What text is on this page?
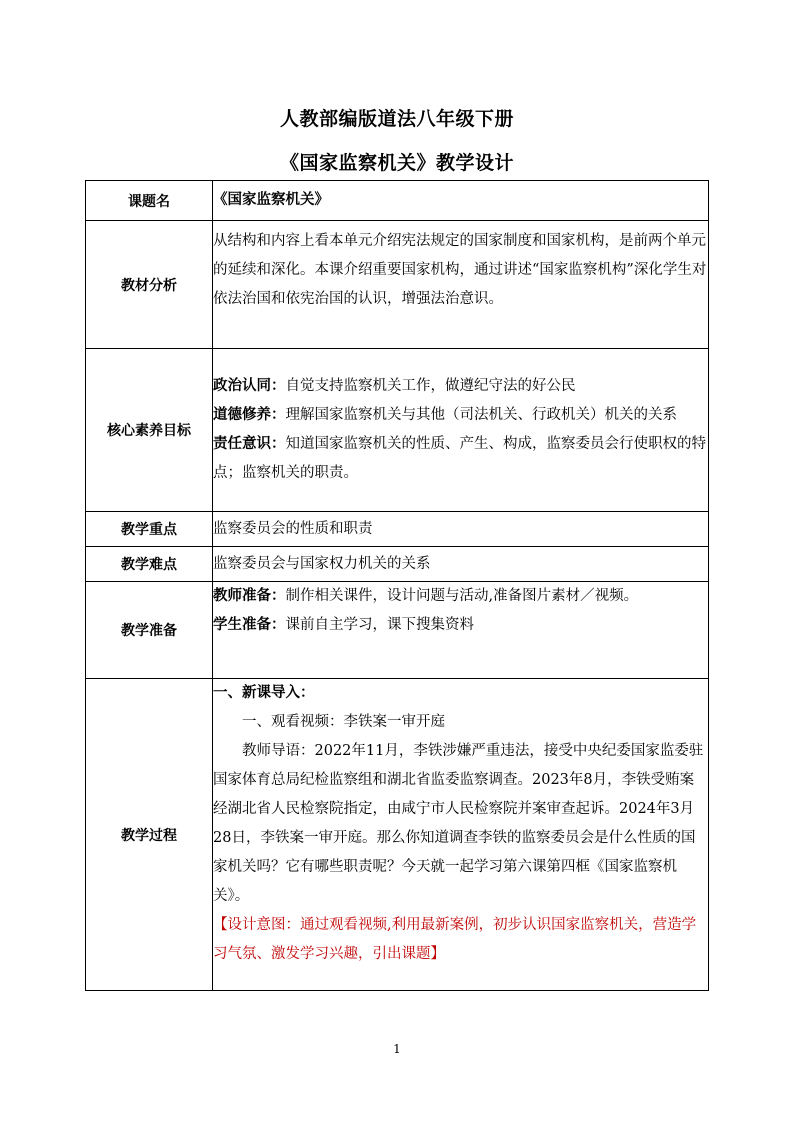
人教部编版道法八年级下册
《国家监察机关》教学设计
课题名	《国家监察机关》
教材分析	从结构和内容上看本单元介绍宪法规定的国家制度和国家机构，是前两个单元的延续和深化。本课介绍重要国家机构，通过讲述“国家监察机构”深化学生对依法治国和依宪治国的认识，增强法治意识。

核心素养目标	政治认同：自觉支持监察机关工作，做遵纪守法的好公民

道德修养：理解国家监察机关与其他（司法机关、行政机关）机关的关系

责任意识：知道国家监察机关的性质、产生、构成，监察委员会行使职权的特点；监察机关的职责。

教学重点	监察委员会的性质和职责
教学难点	监察委员会与国家权力机关的关系
教学准备	教师准备：制作相关课件，设计问题与活动,准备图片素材／视频。

学生准备：课前自主学习，课下搜集资料

教学过程	一、新课导入：

一、观看视频：李铁案一审开庭

教师导语：2022年11月，李铁涉嫌严重违法，接受中央纪委国家监委驻国家体育总局纪检监察组和湖北省监委监察调查。2023年8月，李铁受贿案经湖北省人民检察院指定，由咸宁市人民检察院并案审查起诉。2024年3月28日，李铁案一审开庭。那么你知道调查李铁的监察委员会是什么性质的国家机关吗？它有哪些职责呢？今天就一起学习第六课第四框《国家监察机关》。

【设计意图：通过观看视频,利用最新案例，初步认识国家监察机关，营造学习气氛、激发学习兴趣，引出课题】

1
